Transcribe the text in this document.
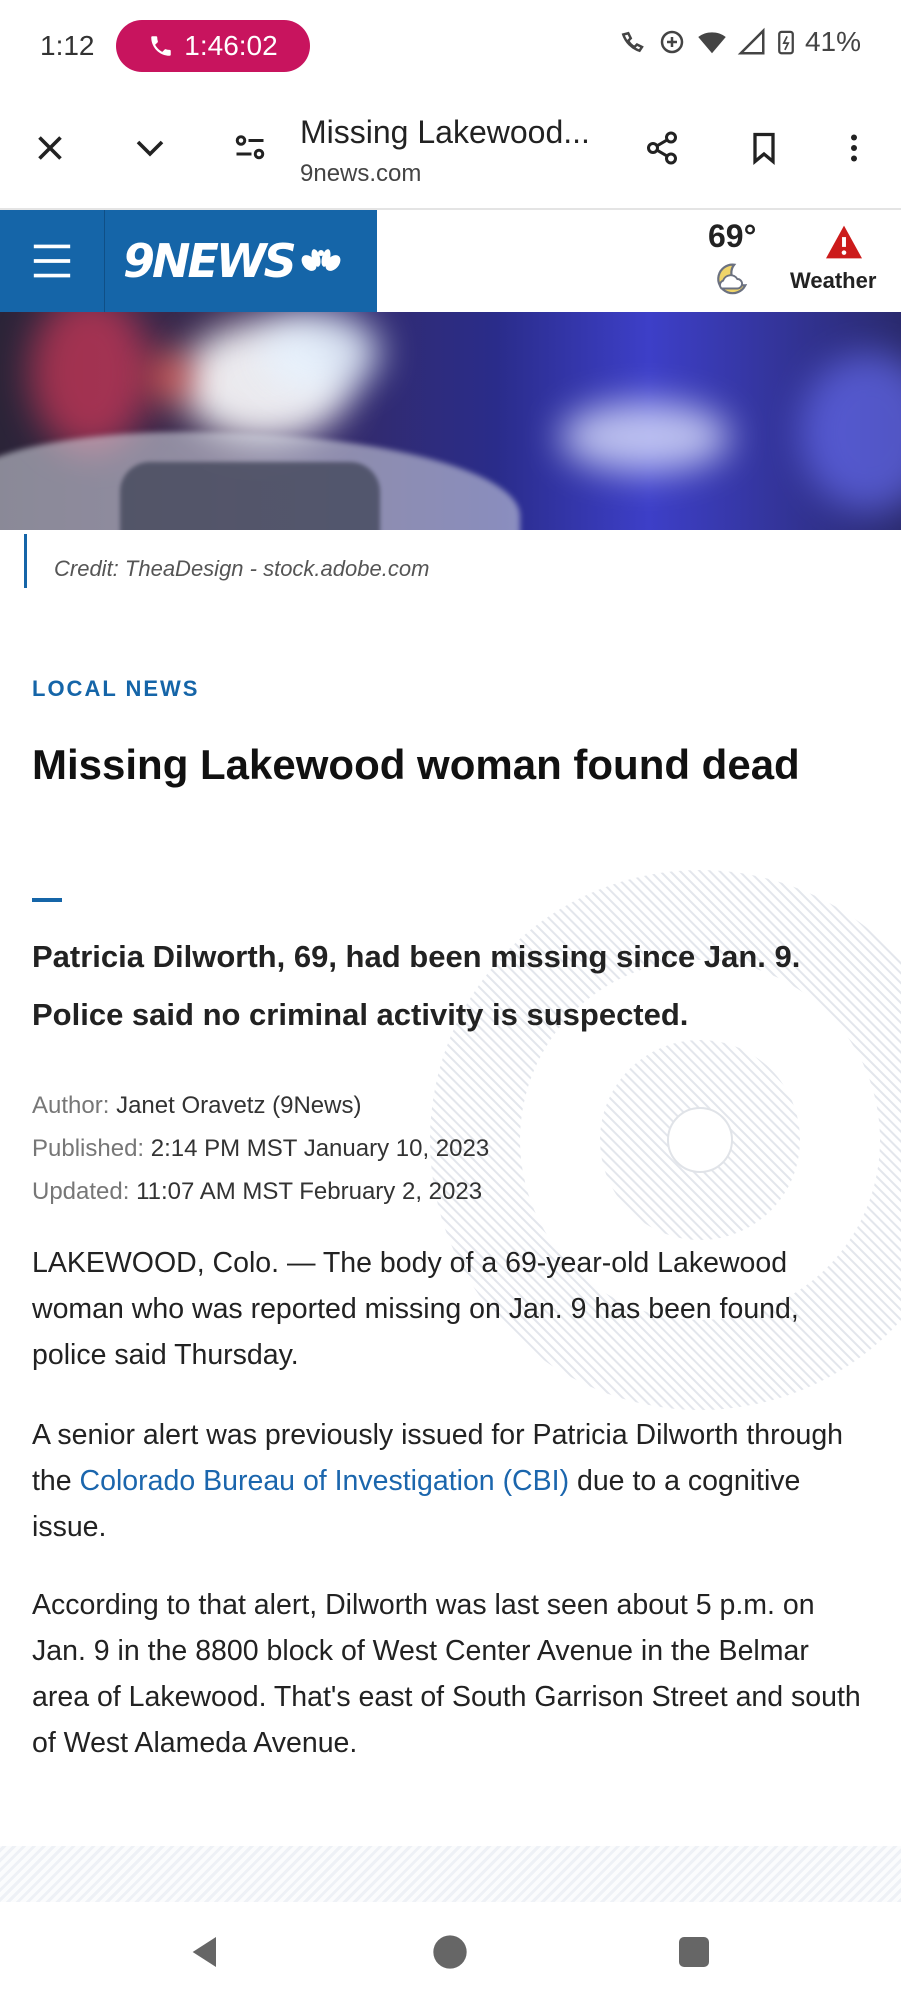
1:12	1:46:02	41%
Missing Lakewood...
9news.com
9NEWS	69°
Weather
Credit: TheaDesign - stock.adobe.com
LOCAL NEWS
Missing Lakewood woman found dead

Patricia Dilworth, 69, had been missing since Jan. 9. Police said no criminal activity is suspected.

Author: Janet Oravetz (9News)
Published: 2:14 PM MST January 10, 2023
Updated: 11:07 AM MST February 2, 2023

LAKEWOOD, Colo. — The body of a 69-year-old Lakewood woman who was reported missing on Jan. 9 has been found, police said Thursday.

A senior alert was previously issued for Patricia Dilworth through the Colorado Bureau of Investigation (CBI) due to a cognitive issue.

According to that alert, Dilworth was last seen about 5 p.m. on Jan. 9 in the 8800 block of West Center Avenue in the Belmar area of Lakewood. That's east of South Garrison Street and south of West Alameda Avenue.
